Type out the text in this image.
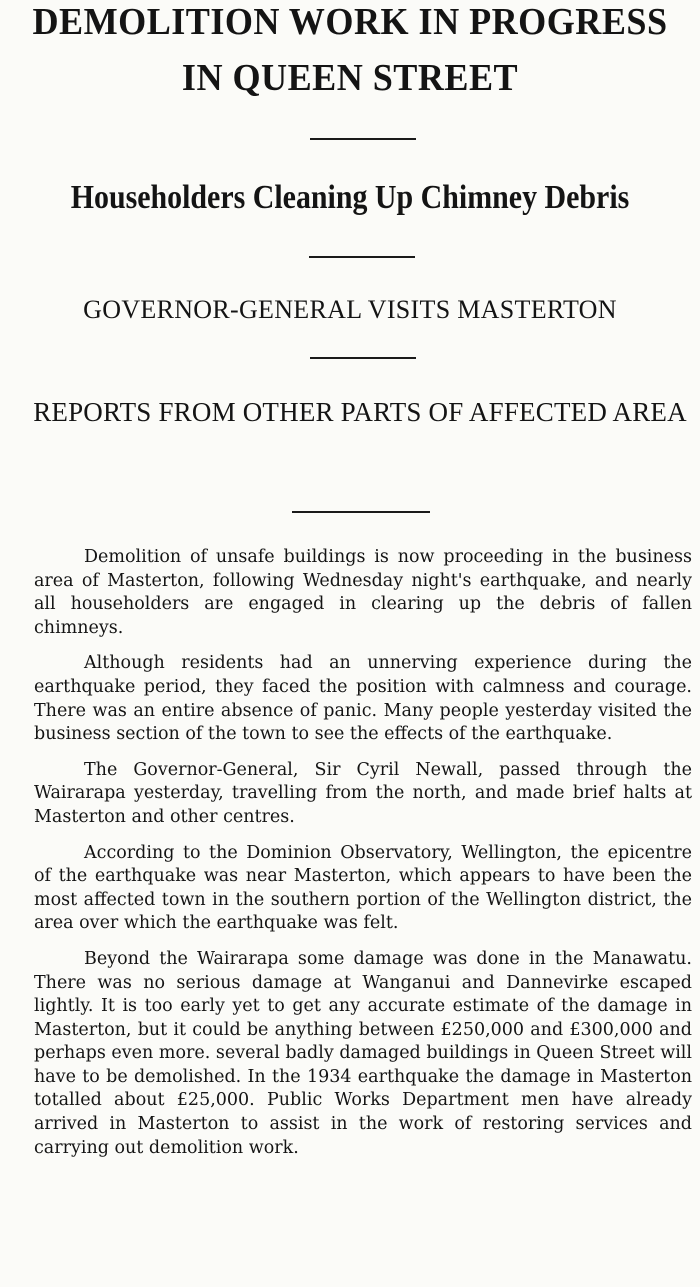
DEMOLITION WORK IN PROGRESS
IN QUEEN STREET
Householders Cleaning Up Chimney Debris
GOVERNOR-GENERAL VISITS MASTERTON
REPORTS FROM OTHER PARTS OF AFFECTED AREA

Demolition of unsafe buildings is now proceeding in the business area of Masterton, following Wednesday night's earthquake, and nearly all householders are engaged in clearing up the debris of fallen chimneys.

Although residents had an unnerving experience during the earthquake period, they faced the position with calmness and courage. There was an entire absence of panic. Many people yesterday visited the business section of the town to see the effects of the earthquake.

The Governor-General, Sir Cyril Newall, passed through the Wairarapa yesterday, travelling from the north, and made brief halts at Masterton and other centres.

According to the Dominion Observatory, Wellington, the epicentre of the earthquake was near Masterton, which appears to have been the most affected town in the southern portion of the Wellington district, the area over which the earthquake was felt.

Beyond the Wairarapa some damage was done in the Manawatu. There was no serious damage at Wanganui and Dannevirke escaped lightly. It is too early yet to get any accurate estimate of the damage in Masterton, but it could be anything between £250,000 and £300,000 and perhaps even more. several badly damaged buildings in Queen Street will have to be demolished. In the 1934 earthquake the damage in Masterton totalled about £25,000. Public Works Department men have already arrived in Masterton to assist in the work of restoring services and carrying out demolition work.
